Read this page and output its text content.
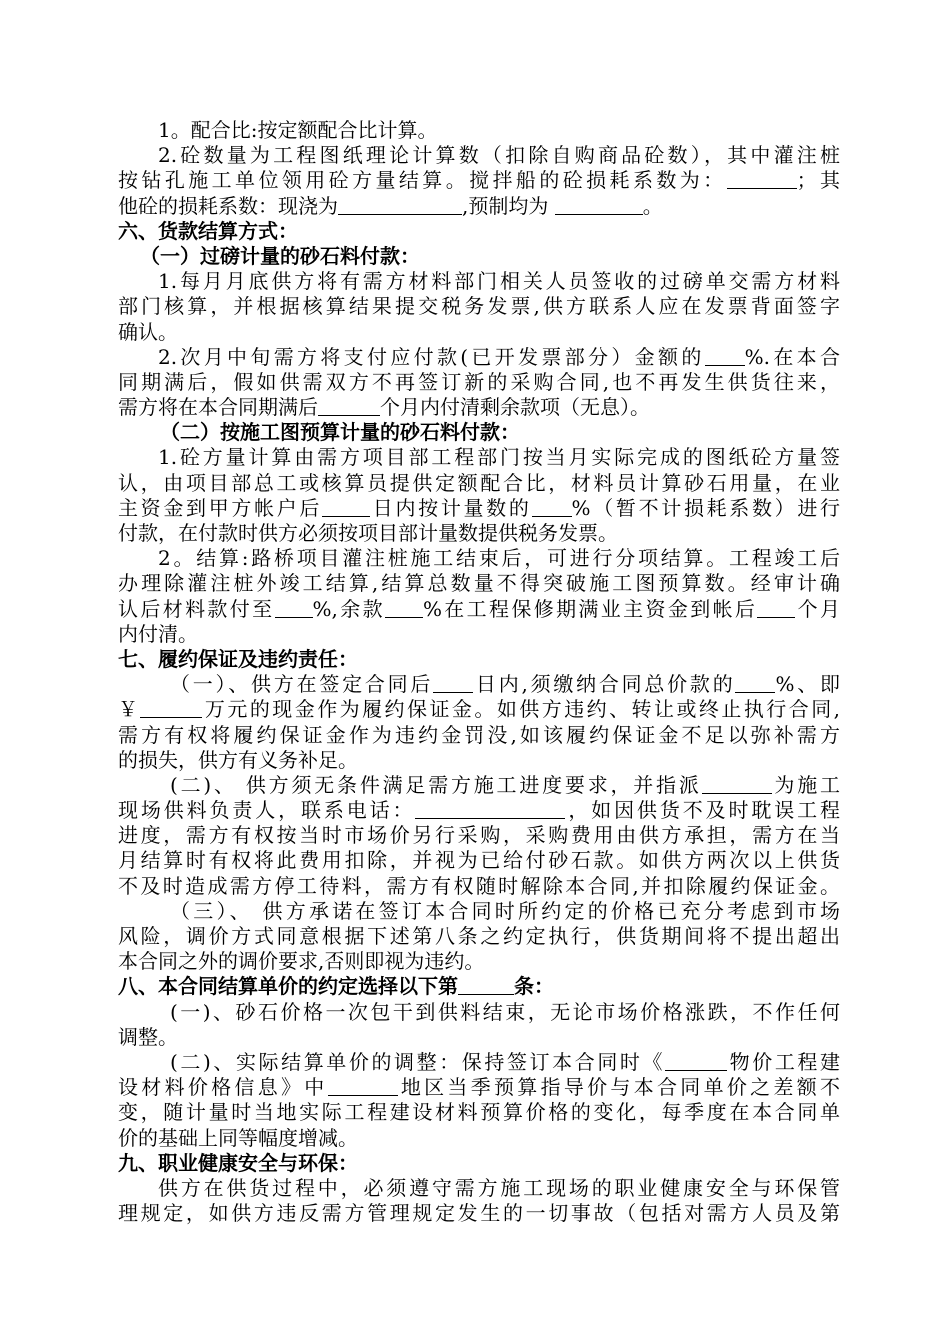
1。配合比:按定额配合比计算。
2.砼数量为工程图纸理论计算数（扣除自购商品砼数），其中灌注桩
按钻孔施工单位领用砼方量结算。搅拌船的砼损耗系数为：	；其
他砼的损耗系数：现浇为	,预制均为	。
六、货款结算方式：
（一）过磅计量的砂石料付款：
1.每月月底供方将有需方材料部门相关人员签收的过磅单交需方材料
部门核算，并根据核算结果提交税务发票,供方联系人应在发票背面签字
确认。
2.次月中旬需方将支付应付款(已开发票部分）金额的 %.在本合
同期满后，假如供需双方不再签订新的采购合同,也不再发生供货往来，
需方将在本合同期满后	个月内付清剩余款项（无息）。
（二）按施工图预算计量的砂石料付款：
1.砼方量计算由需方项目部工程部门按当月实际完成的图纸砼方量签
认，由项目部总工或核算员提供定额配合比，材料员计算砂石用量，在业
主资金到甲方帐户后 日内按计量数的 %（暂不计损耗系数）进行
付款，在付款时供方必须按项目部计量数提供税务发票。
2。结算:路桥项目灌注桩施工结束后，可进行分项结算。工程竣工后
办理除灌注桩外竣工结算,结算总数量不得突破施工图预算数。经审计确
认后材料款付至 %,余款 %在工程保修期满业主资金到帐后 个月
内付清。
七、履约保证及违约责任：
（一）、供方在签定合同后 日内,须缴纳合同总价款的 %、即
￥	万元的现金作为履约保证金。如供方违约、转让或终止执行合同,
需方有权将履约保证金作为违约金罚没,如该履约保证金不足以弥补需方
的损失，供方有义务补足。
(二)、 供方须无条件满足需方施工进度要求，并指派	为施工
现场供料负责人，联系电话：	，如因供货不及时耽误工程
进度，需方有权按当时市场价另行采购，采购费用由供方承担，需方在当
月结算时有权将此费用扣除，并视为已给付砂石款。如供方两次以上供货
不及时造成需方停工待料，需方有权随时解除本合同,并扣除履约保证金。
（三）、 供方承诺在签订本合同时所约定的价格已充分考虑到市场
风险，调价方式同意根据下述第八条之约定执行，供货期间将不提出超出
本合同之外的调价要求,否则即视为违约。
八、本合同结算单价的约定选择以下第	条：
(一)、砂石价格一次包干到供料结束，无论市场价格涨跌，不作任何
调整。
(二)、实际结算单价的调整：保持签订本合同时《	物价工程建
设材料价格信息》中	地区当季预算指导价与本合同单价之差额不
变，随计量时当地实际工程建设材料预算价格的变化，每季度在本合同单
价的基础上同等幅度增减。
九、职业健康安全与环保：
供方在供货过程中，必须遵守需方施工现场的职业健康安全与环保管
理规定，如供方违反需方管理规定发生的一切事故（包括对需方人员及第
